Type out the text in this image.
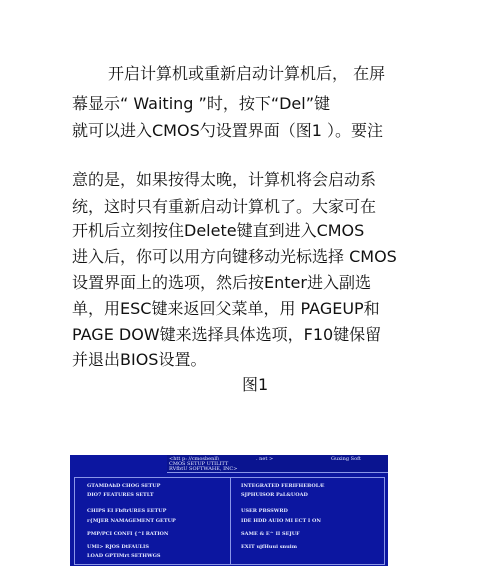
开启计算机或重新启动计算机后， 在屏
幕显示“ Waiting ”时，按下“Del”键
就可以进入CMOS勺设置界面（图1 ）。要注
意的是，如果按得太晚，计算机将会启动系
统，这时只有重新启动计算机了。大家可在
开机后立刻按住Delete键直到进入CMOS
进入后，你可以用方向键移动光标选择 CMOS
设置界面上的选项，然后按Enter进入副选
单，用ESC键来返回父菜单，用 PAGEUP和
PAGE DOW键来选择具体选项，F10键保留
并退出BIOS设置。
图1
<htt p: //cmosbenll\	. net >	Guxing Soft
CMOS SETUP UTILITT
RVfbtU SOFTWAHE, INC>
GTAMDAhD CHOG SETUP
DIO7 FEATURES SETLT
CHIPS EI FbftrURES EETUP
r{MJER NAMAGEMENT GETUP
PMP/PCI CONFI {^I RATION
UMI> RJOS DtFAULIS
LOAD GPTIMrt SETHWGS
INTEGRATED FERIFHEBOLÆ
SJPHUISOR PaL&UOAD
USER PBSSWRD
IDE HDD AUIO MI ECT I ON
SAME & E^ II SEJUF
EXIT ujfHuui snuim
